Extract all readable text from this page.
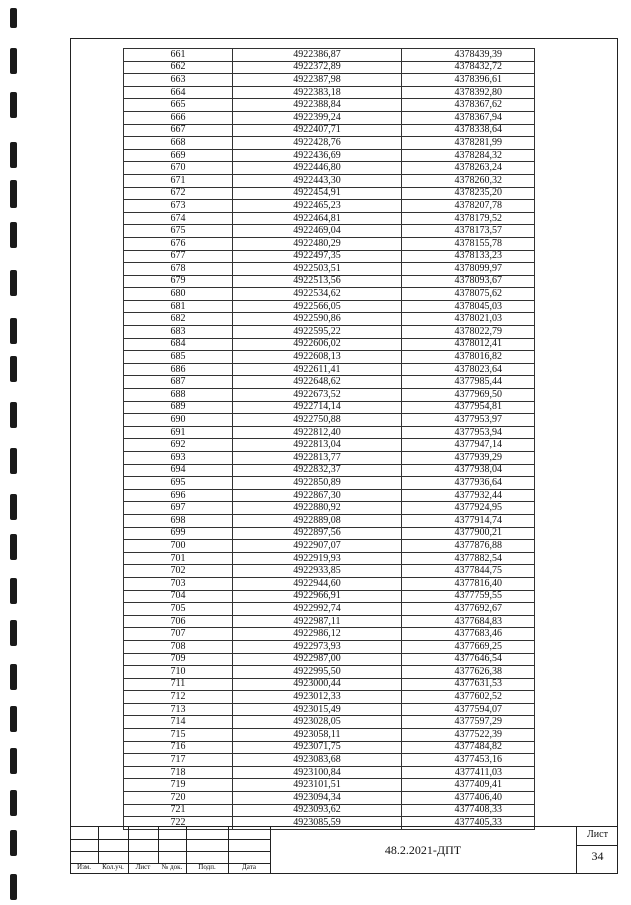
661	4922386,87	4378439,39
662	4922372,89	4378432,72
663	4922387,98	4378396,61
664	4922383,18	4378392,80
665	4922388,84	4378367,62
666	4922399,24	4378367,94
667	4922407,71	4378338,64
668	4922428,76	4378281,99
669	4922436,69	4378284,32
670	4922446,80	4378263,24
671	4922443,30	4378260,32
672	4922454,91	4378235,20
673	4922465,23	4378207,78
674	4922464,81	4378179,52
675	4922469,04	4378173,57
676	4922480,29	4378155,78
677	4922497,35	4378133,23
678	4922503,51	4378099,97
679	4922513,56	4378093,67
680	4922534,62	4378075,62
681	4922566,05	4378045,03
682	4922590,86	4378021,03
683	4922595,22	4378022,79
684	4922606,02	4378012,41
685	4922608,13	4378016,82
686	4922611,41	4378023,64
687	4922648,62	4377985,44
688	4922673,52	4377969,50
689	4922714,14	4377954,81
690	4922750,88	4377953,97
691	4922812,40	4377953,94
692	4922813,04	4377947,14
693	4922813,77	4377939,29
694	4922832,37	4377938,04
695	4922850,89	4377936,64
696	4922867,30	4377932,44
697	4922880,92	4377924,95
698	4922889,08	4377914,74
699	4922897,56	4377900,21
700	4922907,07	4377876,88
701	4922919,93	4377882,54
702	4922933,85	4377844,75
703	4922944,60	4377816,40
704	4922966,91	4377759,55
705	4922992,74	4377692,67
706	4922987,11	4377684,83
707	4922986,12	4377683,46
708	4922973,93	4377669,25
709	4922987,00	4377646,54
710	4922995,50	4377626,38
711	4923000,44	4377631,53
712	4923012,33	4377602,52
713	4923015,49	4377594,07
714	4923028,05	4377597,29
715	4923058,11	4377522,39
716	4923071,75	4377484,82
717	4923083,68	4377453,16
718	4923100,84	4377411,03
719	4923101,51	4377409,41
720	4923094,34	4377406,40
721	4923093,62	4377408,33
722	4923085,59	4377405,33
Изм.	Кол.уч.	Лист	№ док.	Подп.	Дата
48.2.2021-ДПТ
Лист
34
